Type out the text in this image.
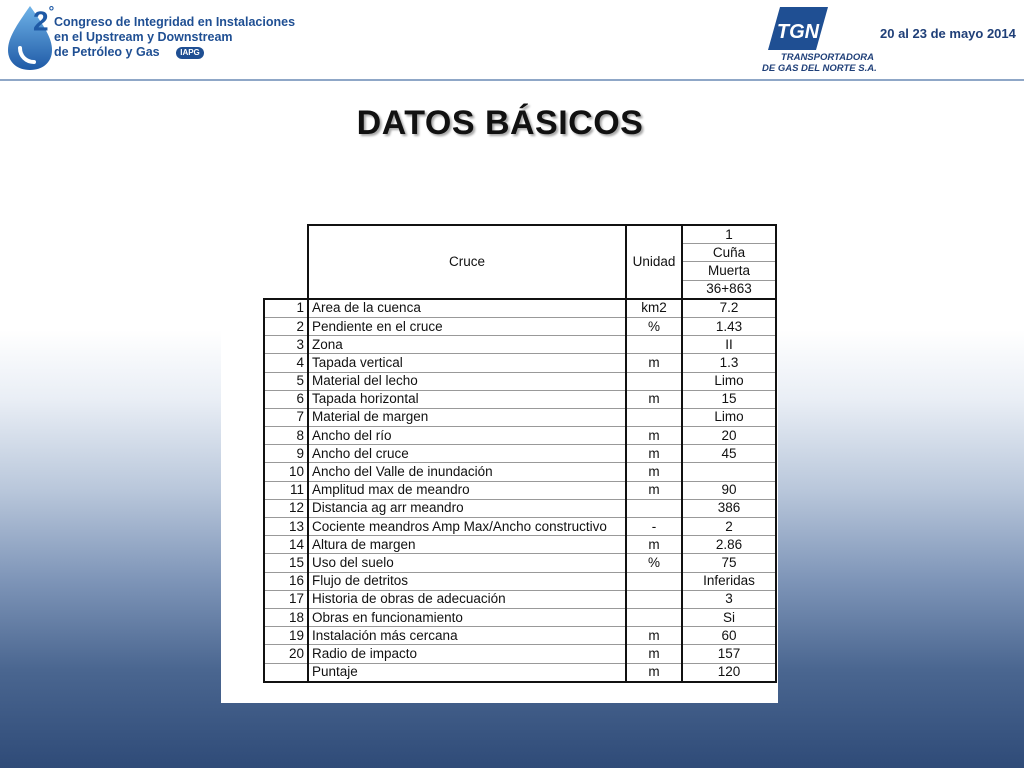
2°
Congreso de Integridad en Instalaciones
en el Upstream y Downstream
de Petróleo y Gas	IAPG
TGN
TRANSPORTADORA
DE GAS DEL NORTE S.A.
20 al 23 de mayo 2014
DATOS BÁSICOS
	Cruce	Unidad	1
			Cuña
			Muerta
			36+863
1	Area de la cuenca	km2	7.2
2	Pendiente en el cruce	%	1.43
3	Zona		II
4	Tapada vertical	m	1.3
5	Material del lecho		Limo
6	Tapada horizontal	m	15
7	Material de margen		Limo
8	Ancho del río	m	20
9	Ancho del cruce	m	45
10	Ancho del Valle de inundación	m	
11	Amplitud max de meandro	m	90
12	Distancia ag arr meandro		386
13	Cociente meandros Amp Max/Ancho constructivo	-	2
14	Altura de margen	m	2.86
15	Uso del suelo	%	75
16	Flujo de detritos		Inferidas
17	Historia de obras de adecuación		3
18	Obras en funcionamiento		Si
19	Instalación más cercana	m	60
20	Radio de impacto	m	157
	Puntaje	m	120
